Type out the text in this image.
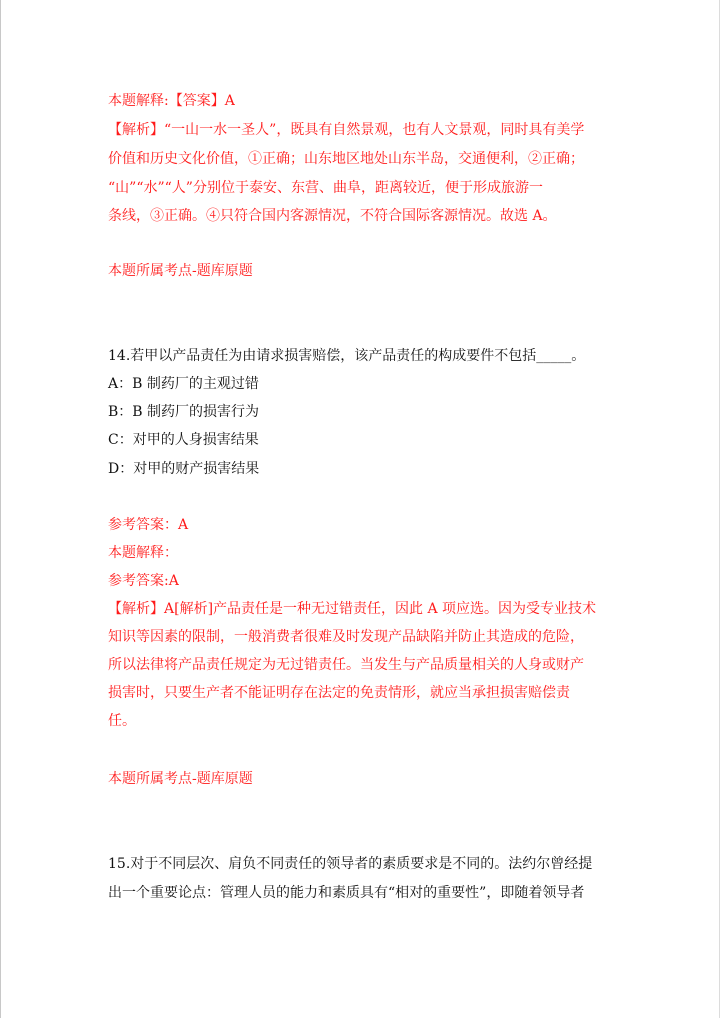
本题解释:【答案】A
【解析】“一山一水一圣人”，既具有自然景观，也有人文景观，同时具有美学
价值和历史文化价值，①正确；山东地区地处山东半岛，交通便利，②正确；
“山”“水”“人”分别位于泰安、东营、曲阜，距离较近，便于形成旅游一
条线，③正确。④只符合国内客源情况，不符合国际客源情况。故选 A。
本题所属考点-题库原题
14.若甲以产品责任为由请求损害赔偿，该产品责任的构成要件不包括_____。
A：B 制药厂的主观过错
B：B 制药厂的损害行为
C：对甲的人身损害结果
D：对甲的财产损害结果
参考答案：A
本题解释：
参考答案:A
【解析】A[解析]产品责任是一种无过错责任，因此 A 项应选。因为受专业技术
知识等因素的限制，一般消费者很难及时发现产品缺陷并防止其造成的危险，
所以法律将产品责任规定为无过错责任。当发生与产品质量相关的人身或财产
损害时，只要生产者不能证明存在法定的免责情形，就应当承担损害赔偿责
任。
本题所属考点-题库原题
15.对于不同层次、肩负不同责任的领导者的素质要求是不同的。法约尔曾经提
出一个重要论点：管理人员的能力和素质具有“相对的重要性”，即随着领导者
